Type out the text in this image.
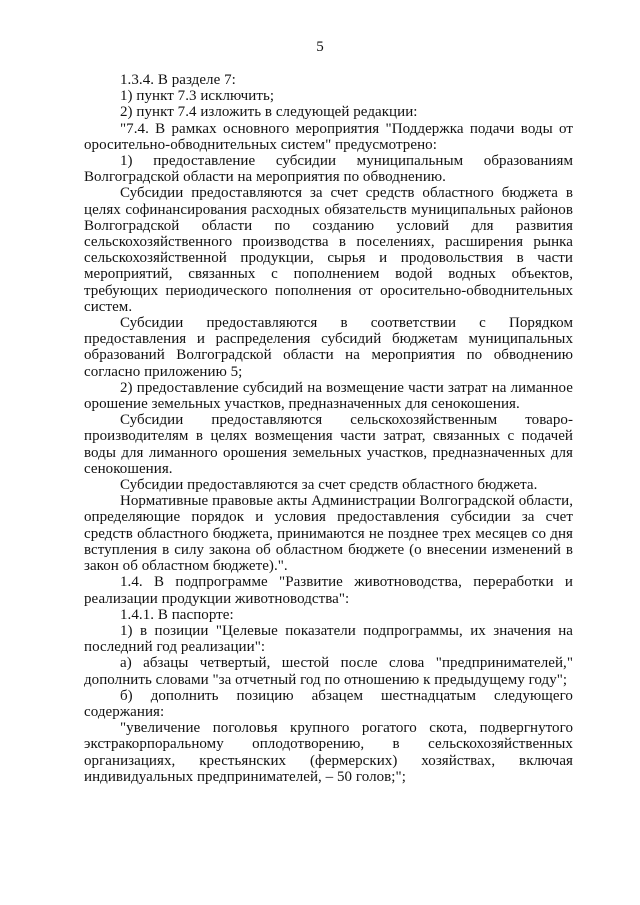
5

1.3.4. В разделе 7:

1) пункт 7.3 исключить;

2) пункт 7.4 изложить в следующей редакции:

"7.4. В рамках основного мероприятия "Поддержка подачи воды от оросительно-обводнительных систем" предусмотрено:

1) предоставление субсидии муниципальным образованиям Волгоградской области на мероприятия по обводнению.

Субсидии предоставляются за счет средств областного бюджета в целях софинансирования расходных обязательств муниципальных районов Волгоградской области по созданию условий для развития сельскохозяйственного производства в поселениях, расширения рынка сельскохозяйственной продукции, сырья и продовольствия в части мероприятий, связанных с пополнением водой водных объектов, требующих периодического пополнения от оросительно-обводнительных систем.

Субсидии предоставляются в соответствии с Порядком предоставления и распределения субсидий бюджетам муниципальных образований Волгоградской области на мероприятия по обводнению согласно приложению 5;

2) предоставление субсидий на возмещение части затрат на лиманное орошение земельных участков, предназначенных для сенокошения.

Субсидии предоставляются сельскохозяйственным товаро-производителям в целях возмещения части затрат, связанных с подачей воды для лиманного орошения земельных участков, предназначенных для сенокошения.

Субсидии предоставляются за счет средств областного бюджета.

Нормативные правовые акты Администрации Волгоградской области, определяющие порядок и условия предоставления субсидии за счет средств областного бюджета, принимаются не позднее трех месяцев со дня вступления в силу закона об областном бюджете (о внесении изменений в закон об областном бюджете).".

1.4. В подпрограмме "Развитие животноводства, переработки и реализации продукции животноводства":

1.4.1. В паспорте:

1) в позиции "Целевые показатели подпрограммы, их значения на последний год реализации":

а) абзацы четвертый, шестой после слова "предпринимателей," дополнить словами "за отчетный год по отношению к предыдущему году";

б) дополнить позицию абзацем шестнадцатым следующего содержания:

"увеличение поголовья крупного рогатого скота, подвергнутого экстракорпоральному оплодотворению, в сельскохозяйственных организациях, крестьянских (фермерских) хозяйствах, включая индивидуальных предпринимателей, – 50 голов;";
